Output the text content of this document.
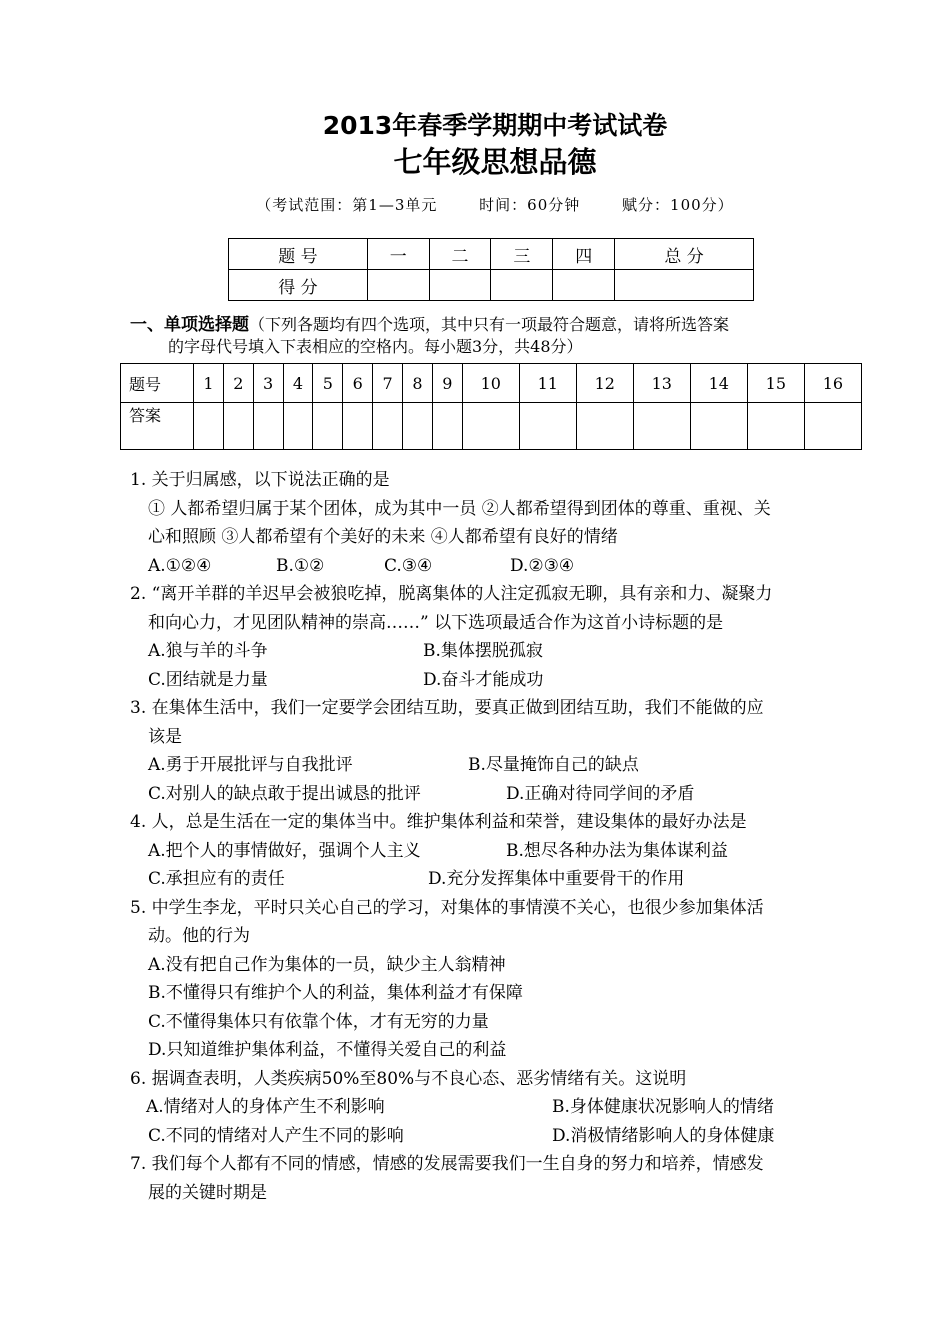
2013年春季学期期中考试试卷
七年级思想品德
（考试范围：第1—3单元	时间：60分钟	赋分：100分）
题 号	一	二	三	四	总 分
得 分					
一、单项选择题（下列各题均有四个选项，其中只有一项最符合题意，请将所选答案
的字母代号填入下表相应的空格内。每小题3分，共48分）
题号	1	2	3	4	5	6	7	8	9	10	11	12	13	14	15	16
答案																
1. 关于归属感，以下说法正确的是
① 人都希望归属于某个团体，成为其中一员 ②人都希望得到团体的尊重、重视、关
心和照顾 ③人都希望有个美好的未来 ④人都希望有良好的情绪
A.①②④	B.①②	C.③④	D.②③④
2. “离开羊群的羊迟早会被狼吃掉，脱离集体的人注定孤寂无聊，具有亲和力、凝聚力
和向心力，才见团队精神的崇高……” 以下选项最适合作为这首小诗标题的是
A.狼与羊的斗争	B.集体摆脱孤寂
C.团结就是力量	D.奋斗才能成功
3. 在集体生活中，我们一定要学会团结互助，要真正做到团结互助，我们不能做的应
该是
A.勇于开展批评与自我批评	B.尽量掩饰自己的缺点
C.对别人的缺点敢于提出诚恳的批评	D.正确对待同学间的矛盾
4. 人，总是生活在一定的集体当中。维护集体利益和荣誉，建设集体的最好办法是
A.把个人的事情做好，强调个人主义	B.想尽各种办法为集体谋利益
C.承担应有的责任	D.充分发挥集体中重要骨干的作用
5. 中学生李龙，平时只关心自己的学习，对集体的事情漠不关心，也很少参加集体活
动。他的行为
A.没有把自己作为集体的一员，缺少主人翁精神
B.不懂得只有维护个人的利益，集体利益才有保障
C.不懂得集体只有依靠个体，才有无穷的力量
D.只知道维护集体利益，不懂得关爱自己的利益
6. 据调查表明，人类疾病50%至80%与不良心态、恶劣情绪有关。这说明
A.情绪对人的身体产生不利影响	B.身体健康状况影响人的情绪
C.不同的情绪对人产生不同的影响	D.消极情绪影响人的身体健康
7. 我们每个人都有不同的情感，情感的发展需要我们一生自身的努力和培养，情感发
展的关键时期是
